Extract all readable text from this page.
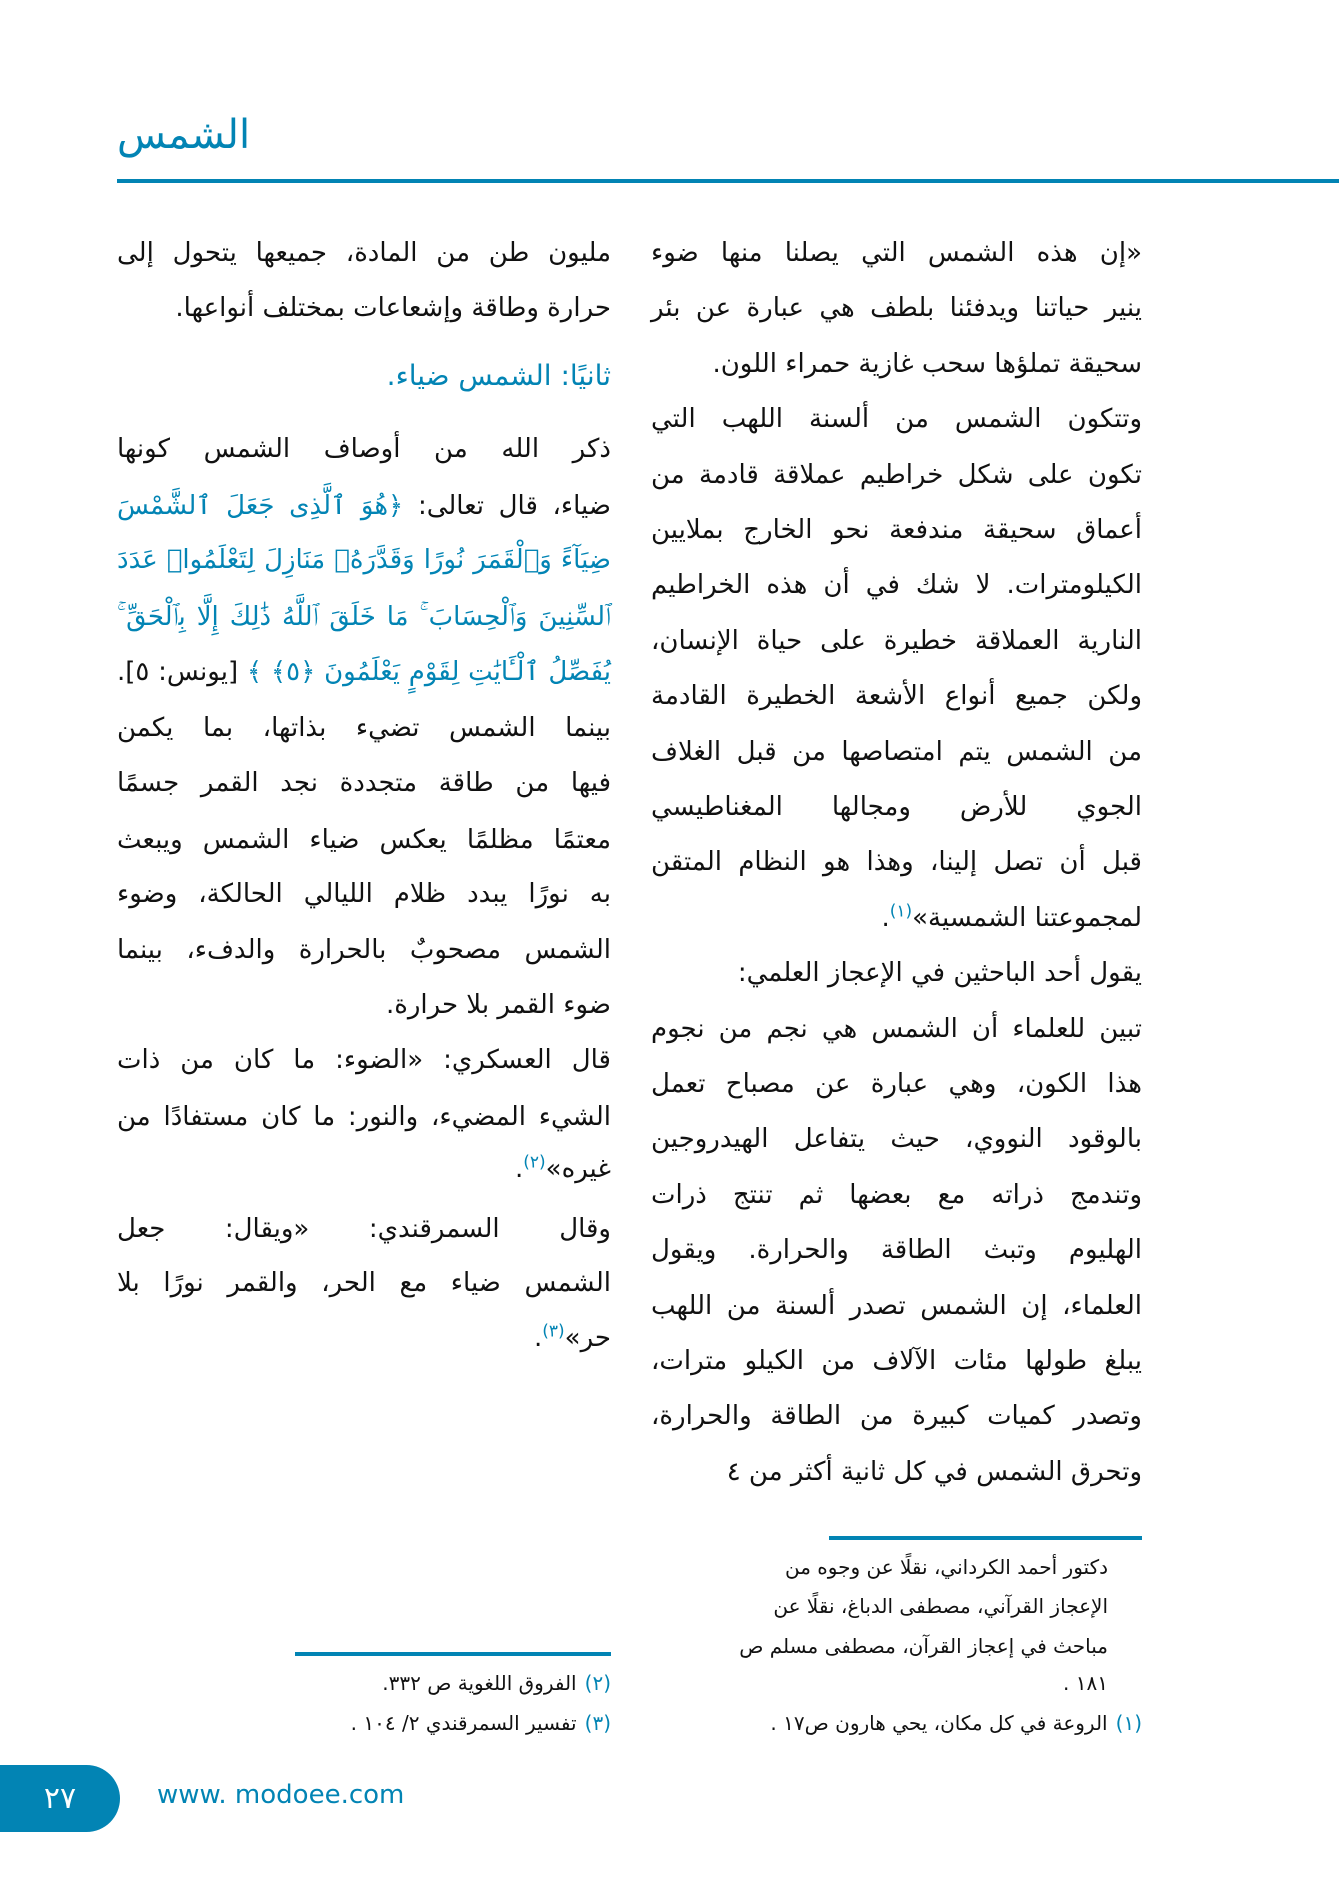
الشمس
«إن هذه الشمس التي يصلنا منها ضوء
ينير حياتنا ويدفئنا بلطف هي عبارة عن بئر
سحيقة تملؤها سحب غازية حمراء اللون.
وتتكون الشمس من ألسنة اللهب التي
تكون على شكل خراطيم عملاقة قادمة من
أعماق سحيقة مندفعة نحو الخارج بملايين
الكيلومترات. لا شك في أن هذه الخراطيم
النارية العملاقة خطيرة على حياة الإنسان،
ولكن جميع أنواع الأشعة الخطيرة القادمة
من الشمس يتم امتصاصها من قبل الغلاف
الجوي للأرض ومجالها المغناطيسي
قبل أن تصل إلينا، وهذا هو النظام المتقن
لمجموعتنا الشمسية»$^{(١)}$.
يقول أحد الباحثين في الإعجاز العلمي:
تبين للعلماء أن الشمس هي نجم من نجوم
هذا الكون، وهي عبارة عن مصباح تعمل
بالوقود النووي، حيث يتفاعل الهيدروجين
وتندمج ذراته مع بعضها ثم تنتج ذرات
الهليوم وتبث الطاقة والحرارة. ويقول
العلماء، إن الشمس تصدر ألسنة من اللهب
يبلغ طولها مئات الآلاف من الكيلو مترات،
وتصدر كميات كبيرة من الطاقة والحرارة،
وتحرق الشمس في كل ثانية أكثر من ٤
مليون طن من المادة، جميعها يتحول إلى
حرارة وطاقة وإشعاعات بمختلف أنواعها.
ثانيًا: الشمس ضياء.
ذكر الله من أوصاف الشمس كونها
ضياء، قال تعالى: ﴿هُوَ ٱلَّذِى جَعَلَ ٱلشَّمْسَ
ضِيَآءً وَٱلْقَمَرَ نُورًا وَقَدَّرَهُۥ مَنَازِلَ لِتَعْلَمُوا۟ عَدَدَ
ٱلسِّنِينَ وَٱلْحِسَابَ ۚ مَا خَلَقَ ٱللَّهُ ذَٰلِكَ إِلَّا بِٱلْحَقِّ ۚ
يُفَصِّلُ ٱلْـَٔايَٰتِ لِقَوْمٍ يَعْلَمُونَ ﴿٥﴾ ﴾ [يونس: ٥].
بينما الشمس تضيء بذاتها، بما يكمن
فيها من طاقة متجددة نجد القمر جسمًا
معتمًا مظلمًا يعكس ضياء الشمس ويبعث
به نورًا يبدد ظلام الليالي الحالكة، وضوء
الشمس مصحوبٌ بالحرارة والدفء، بينما
ضوء القمر بلا حرارة.
قال العسكري: «الضوء: ما كان من ذات
الشيء المضيء، والنور: ما كان مستفادًا من
غيره»$^{(٢)}$.
وقال السمرقندي: «ويقال: جعل
الشمس ضياء مع الحر، والقمر نورًا بلا
حر»$^{(٣)}$.
دكتور أحمد الكرداني، نقلًا عن وجوه من
الإعجاز القرآني، مصطفى الدباغ، نقلًا عن
مباحث في إعجاز القرآن، مصطفى مسلم ص
١٨١ .
(١)الروعة في كل مكان، يحي هارون ص١٧ .
(٢)الفروق اللغوية ص ٣٣٢.
(٣)تفسير السمرقندي ٢/ ١٠٤ .
٢٧	www. modoee.com
